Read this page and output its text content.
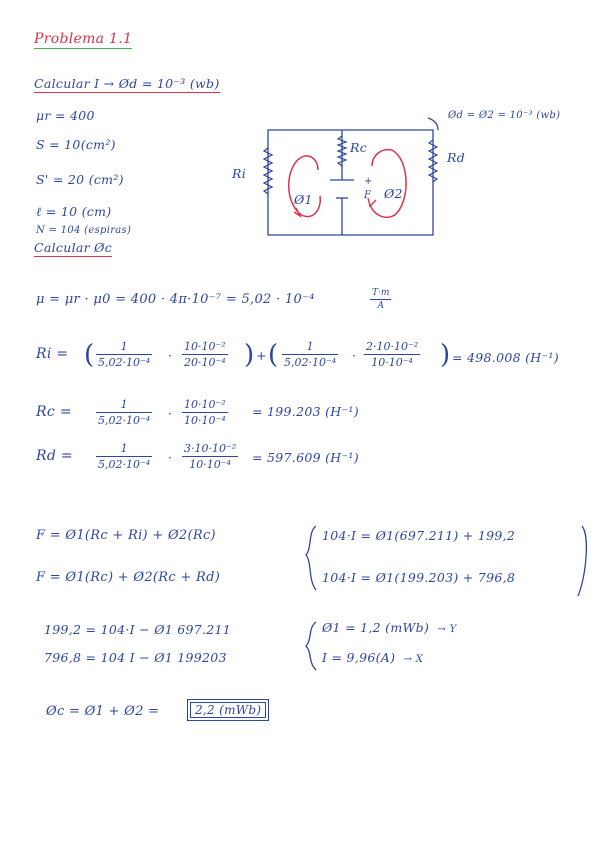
Problema 1.1
Calcular I → Ød = 10⁻³ (wb)
μr = 400
S = 10(cm²)
S' = 20 (cm²)
ℓ = 10 (cm)
N = 104 (espiras)
Calcular Øc
Ød = Ø2 = 10⁻³ (wb)
Ri
Rc
Rd
Ø1	Ø2
+
F
μ = μr · μ0 = 400 · 4π·10⁻⁷ = 5,02 · 10⁻⁴	$\frac{T\cdot m}{A}$
Ri = ( $\frac{1}{\text{5,02·10⁻⁴}} \cdot \frac{\text{10·10⁻²}}{\text{20·10⁻⁴}}$ ) + ( $\frac{1}{\text{5,02·10⁻⁴}} \cdot \frac{\text{2·10·10⁻²}}{\text{10·10⁻⁴}}$ ) = 498.008 (H⁻¹)
$Rc = \frac{1}{\text{5,02·10⁻⁴}} \cdot \frac{\text{10·10⁻²}}{\text{10·10⁻⁴}} = 199.203$ (H⁻¹)
$Rd = \frac{1}{\text{5,02·10⁻⁴}} \cdot \frac{\text{3·10·10⁻²}}{\text{10·10⁻⁴}} = 597.609$ (H⁻¹)
F = Ø1(Rc + Ri) + Ø2(Rc)
F = Ø1(Rc) + Ø2(Rc + Rd)
104·I = Ø1(697.211) + 199,2
104·I = Ø1(199.203) + 796,8
199,2 = 104·I − Ø1 697.211
796,8 = 104 I − Ø1 199203
Ø1 = 1,2 (mWb) → Y
I = 9,96(A) → X
Øc = Ø1 + Ø2 =	2,2 (mWb)
